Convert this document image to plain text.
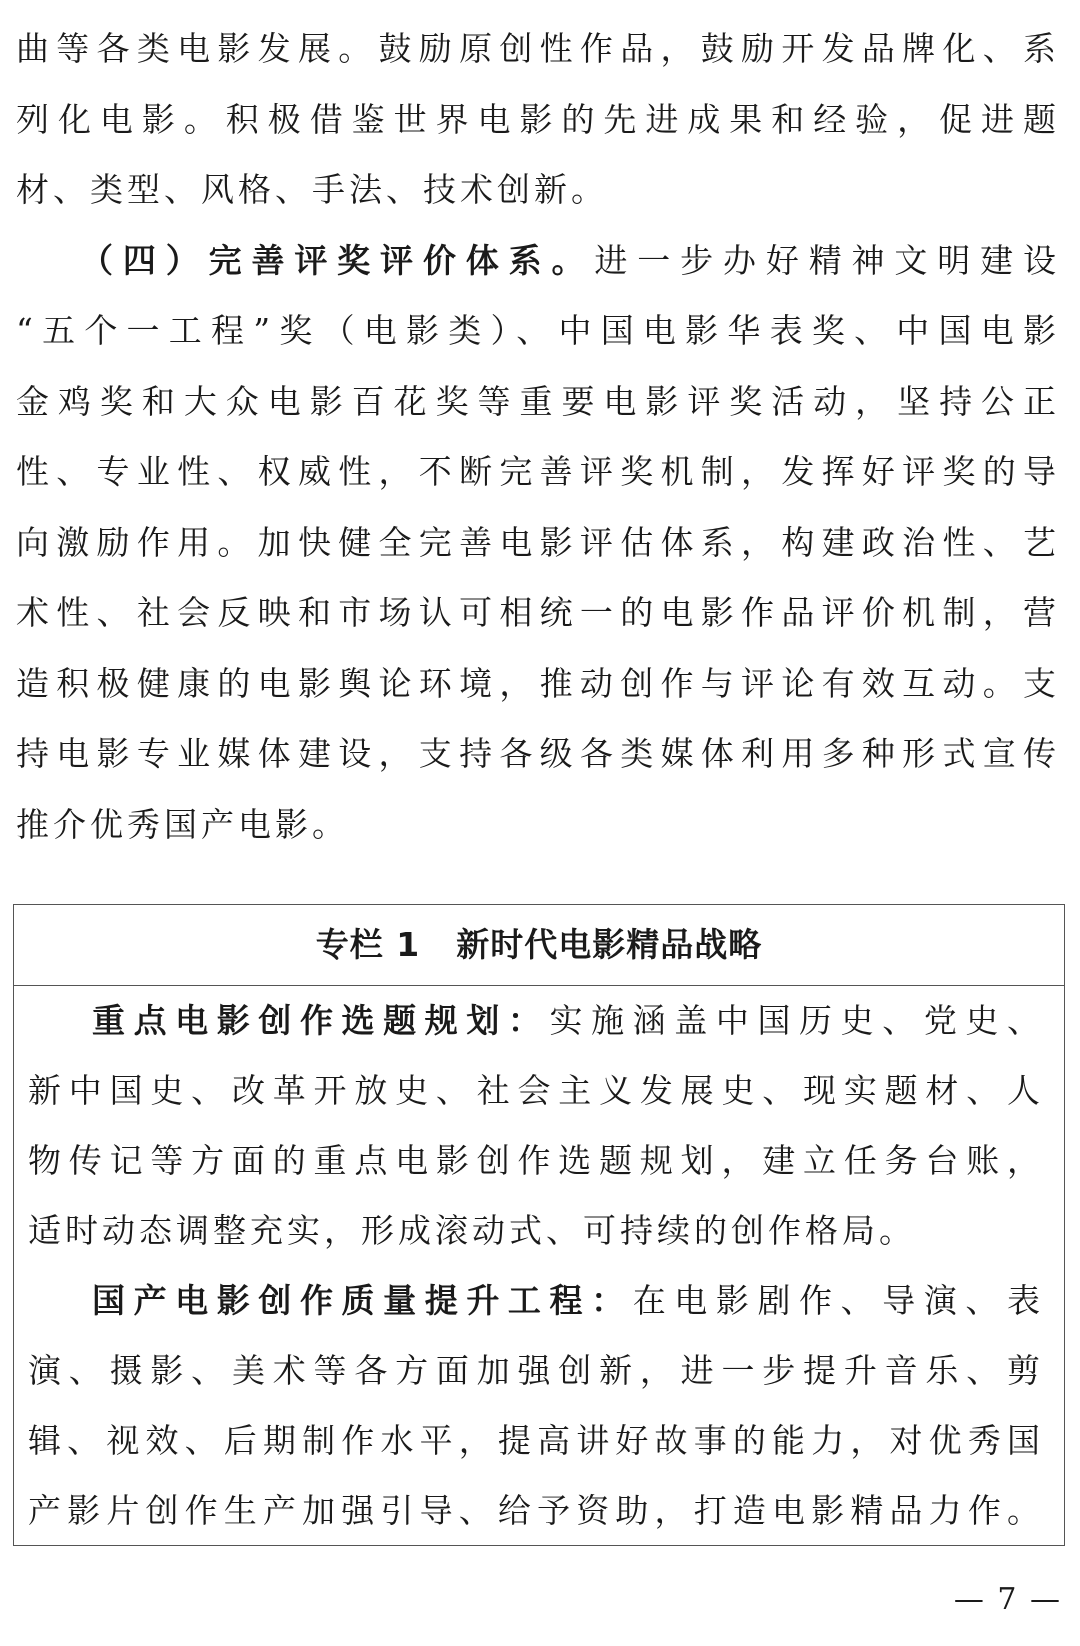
曲等各类电影发展。鼓励原创性作品，鼓励开发品牌化、系
列化电影。积极借鉴世界电影的先进成果和经验，促进题
材、类型、风格、手法、技术创新。
（四）完善评奖评价体系。进一步办好精神文明建设
“五个一工程”奖（电影类）、中国电影华表奖、中国电影
金鸡奖和大众电影百花奖等重要电影评奖活动，坚持公正
性、专业性、权威性，不断完善评奖机制，发挥好评奖的导
向激励作用。加快健全完善电影评估体系，构建政治性、艺
术性、社会反映和市场认可相统一的电影作品评价机制，营
造积极健康的电影舆论环境，推动创作与评论有效互动。支
持电影专业媒体建设，支持各级各类媒体利用多种形式宣传
推介优秀国产电影。
专栏 1 新时代电影精品战略
重点电影创作选题规划：实施涵盖中国历史、党史、
新中国史、改革开放史、社会主义发展史、现实题材、人
物传记等方面的重点电影创作选题规划，建立任务台账，
适时动态调整充实，形成滚动式、可持续的创作格局。
国产电影创作质量提升工程：在电影剧作、导演、表
演、摄影、美术等各方面加强创新，进一步提升音乐、剪
辑、视效、后期制作水平，提高讲好故事的能力，对优秀国
产影片创作生产加强引导、给予资助，打造电影精品力作。
— 7 —
